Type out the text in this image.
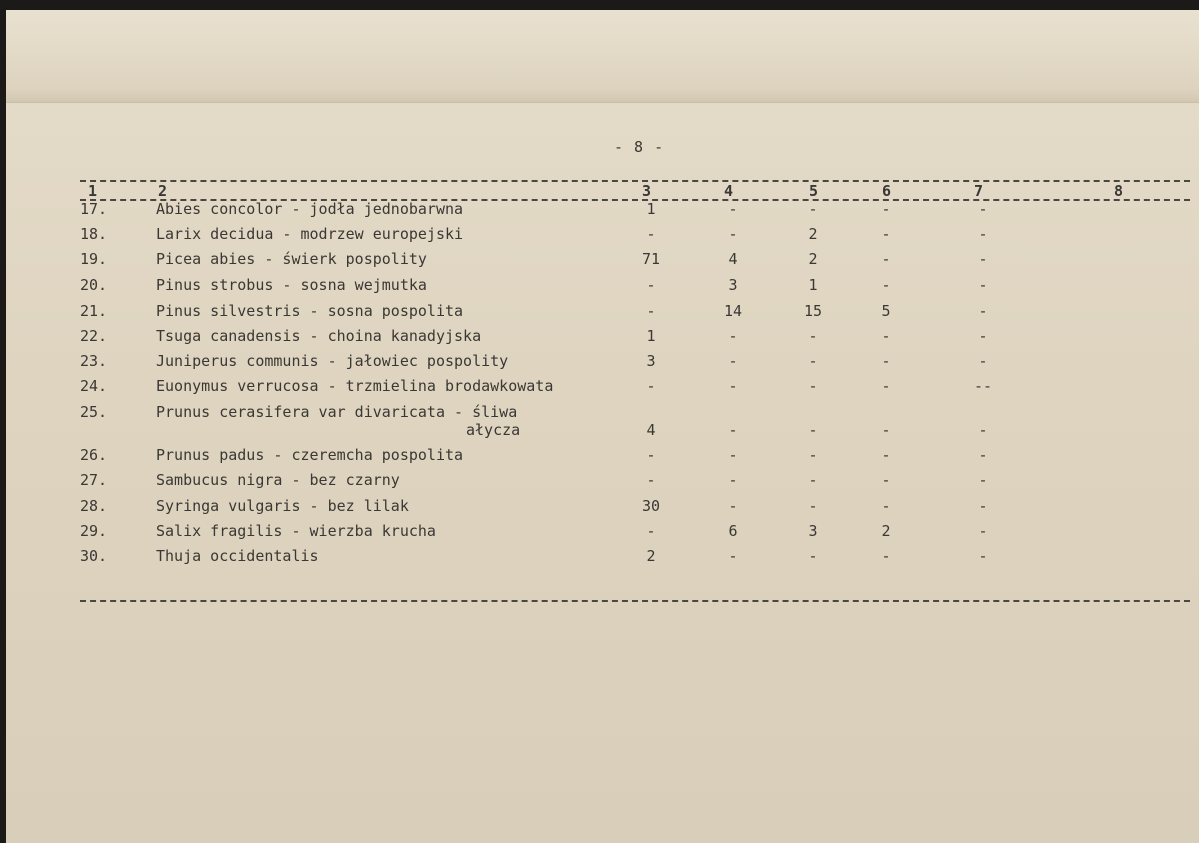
- 8 -
1	2	3	4	5	6	7	8
17.	Abies concolor - jodła jednobarwna	1	-	-	-	-
18.	Larix decidua - modrzew europejski	-	-	2	-	-
19.	Picea abies - świerk pospolity	71	4	2	-	-
20.	Pinus strobus - sosna wejmutka	-	3	1	-	-
21.	Pinus silvestris - sosna pospolita	-	14	15	5	-
22.	Tsuga canadensis - choina kanadyjska	1	-	-	-	-
23.	Juniperus communis - jałowiec pospolity	3	-	-	-	-
24.	Euonymus verrucosa - trzmielina brodawkowata	-	-	-	-	--
25.	Prunus cerasifera var divaricata - śliwa
ałycza	4	-	-	-	-
26.	Prunus padus - czeremcha pospolita	-	-	-	-	-
27.	Sambucus nigra - bez czarny	-	-	-	-	-
28.	Syringa vulgaris - bez lilak	30	-	-	-	-
29.	Salix fragilis - wierzba krucha	-	6	3	2	-
30.	Thuja occidentalis	2	-	-	-	-
